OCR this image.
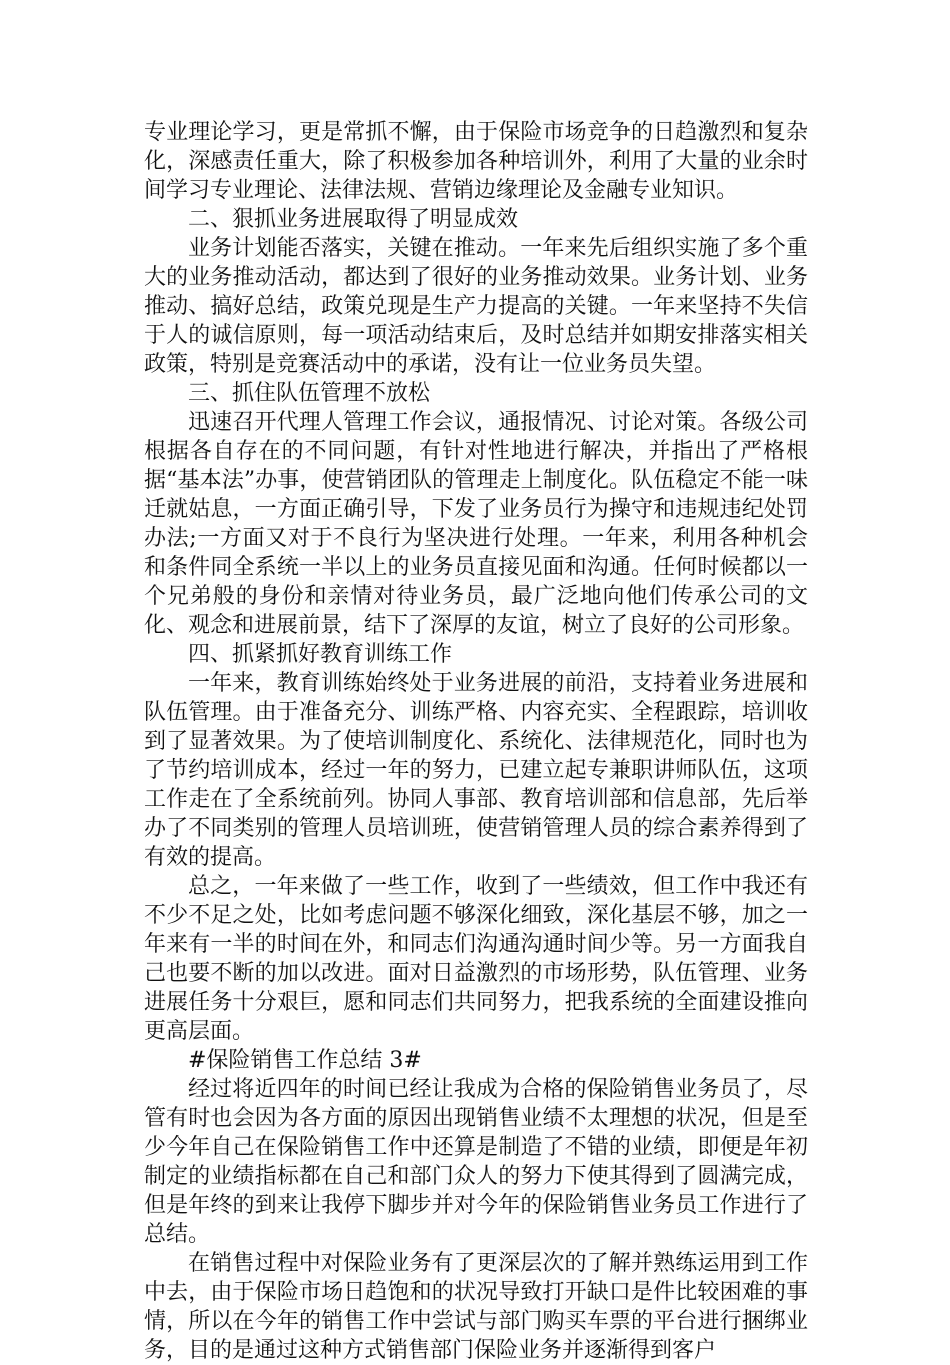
专业理论学习，更是常抓不懈，由于保险市场竞争的日趋激烈和复杂化，深感责任重大，除了积极参加各种培训外，利用了大量的业余时间学习专业理论、法律法规、营销边缘理论及金融专业知识。

二、狠抓业务进展取得了明显成效

业务计划能否落实，关键在推动。一年来先后组织实施了多个重大的业务推动活动，都达到了很好的业务推动效果。业务计划、业务推动、搞好总结，政策兑现是生产力提高的关键。一年来坚持不失信于人的诚信原则，每一项活动结束后，及时总结并如期安排落实相关政策，特别是竞赛活动中的承诺，没有让一位业务员失望。

三、抓住队伍管理不放松

迅速召开代理人管理工作会议，通报情况、讨论对策。各级公司根据各自存在的不同问题，有针对性地进行解决，并指出了严格根据“基本法”办事，使营销团队的管理走上制度化。队伍稳定不能一味迁就姑息，一方面正确引导，下发了业务员行为操守和违规违纪处罚办法;一方面又对于不良行为坚决进行处理。一年来，利用各种机会和条件同全系统一半以上的业务员直接见面和沟通。任何时候都以一个兄弟般的身份和亲情对待业务员，最广泛地向他们传承公司的文化、观念和进展前景，结下了深厚的友谊，树立了良好的公司形象。

四、抓紧抓好教育训练工作

一年来，教育训练始终处于业务进展的前沿，支持着业务进展和队伍管理。由于准备充分、训练严格、内容充实、全程跟踪，培训收到了显著效果。为了使培训制度化、系统化、法律规范化，同时也为了节约培训成本，经过一年的努力，已建立起专兼职讲师队伍，这项工作走在了全系统前列。协同人事部、教育培训部和信息部，先后举办了不同类别的管理人员培训班，使营销管理人员的综合素养得到了有效的提高。

总之，一年来做了一些工作，收到了一些绩效，但工作中我还有不少不足之处，比如考虑问题不够深化细致，深化基层不够，加之一年来有一半的时间在外，和同志们沟通沟通时间少等。另一方面我自己也要不断的加以改进。面对日益激烈的市场形势，队伍管理、业务进展任务十分艰巨，愿和同志们共同努力，把我系统的全面建设推向更高层面。

#保险销售工作总结 3#

经过将近四年的时间已经让我成为合格的保险销售业务员了，尽管有时也会因为各方面的原因出现销售业绩不太理想的状况，但是至少今年自己在保险销售工作中还算是制造了不错的业绩，即便是年初制定的业绩指标都在自己和部门众人的努力下使其得到了圆满完成，但是年终的到来让我停下脚步并对今年的保险销售业务员工作进行了总结。

在销售过程中对保险业务有了更深层次的了解并熟练运用到工作中去，由于保险市场日趋饱和的状况导致打开缺口是件比较困难的事情，所以在今年的销售工作中尝试与部门购买车票的平台进行捆绑业务，目的是通过这种方式销售部门保险业务并逐渐得到客户
